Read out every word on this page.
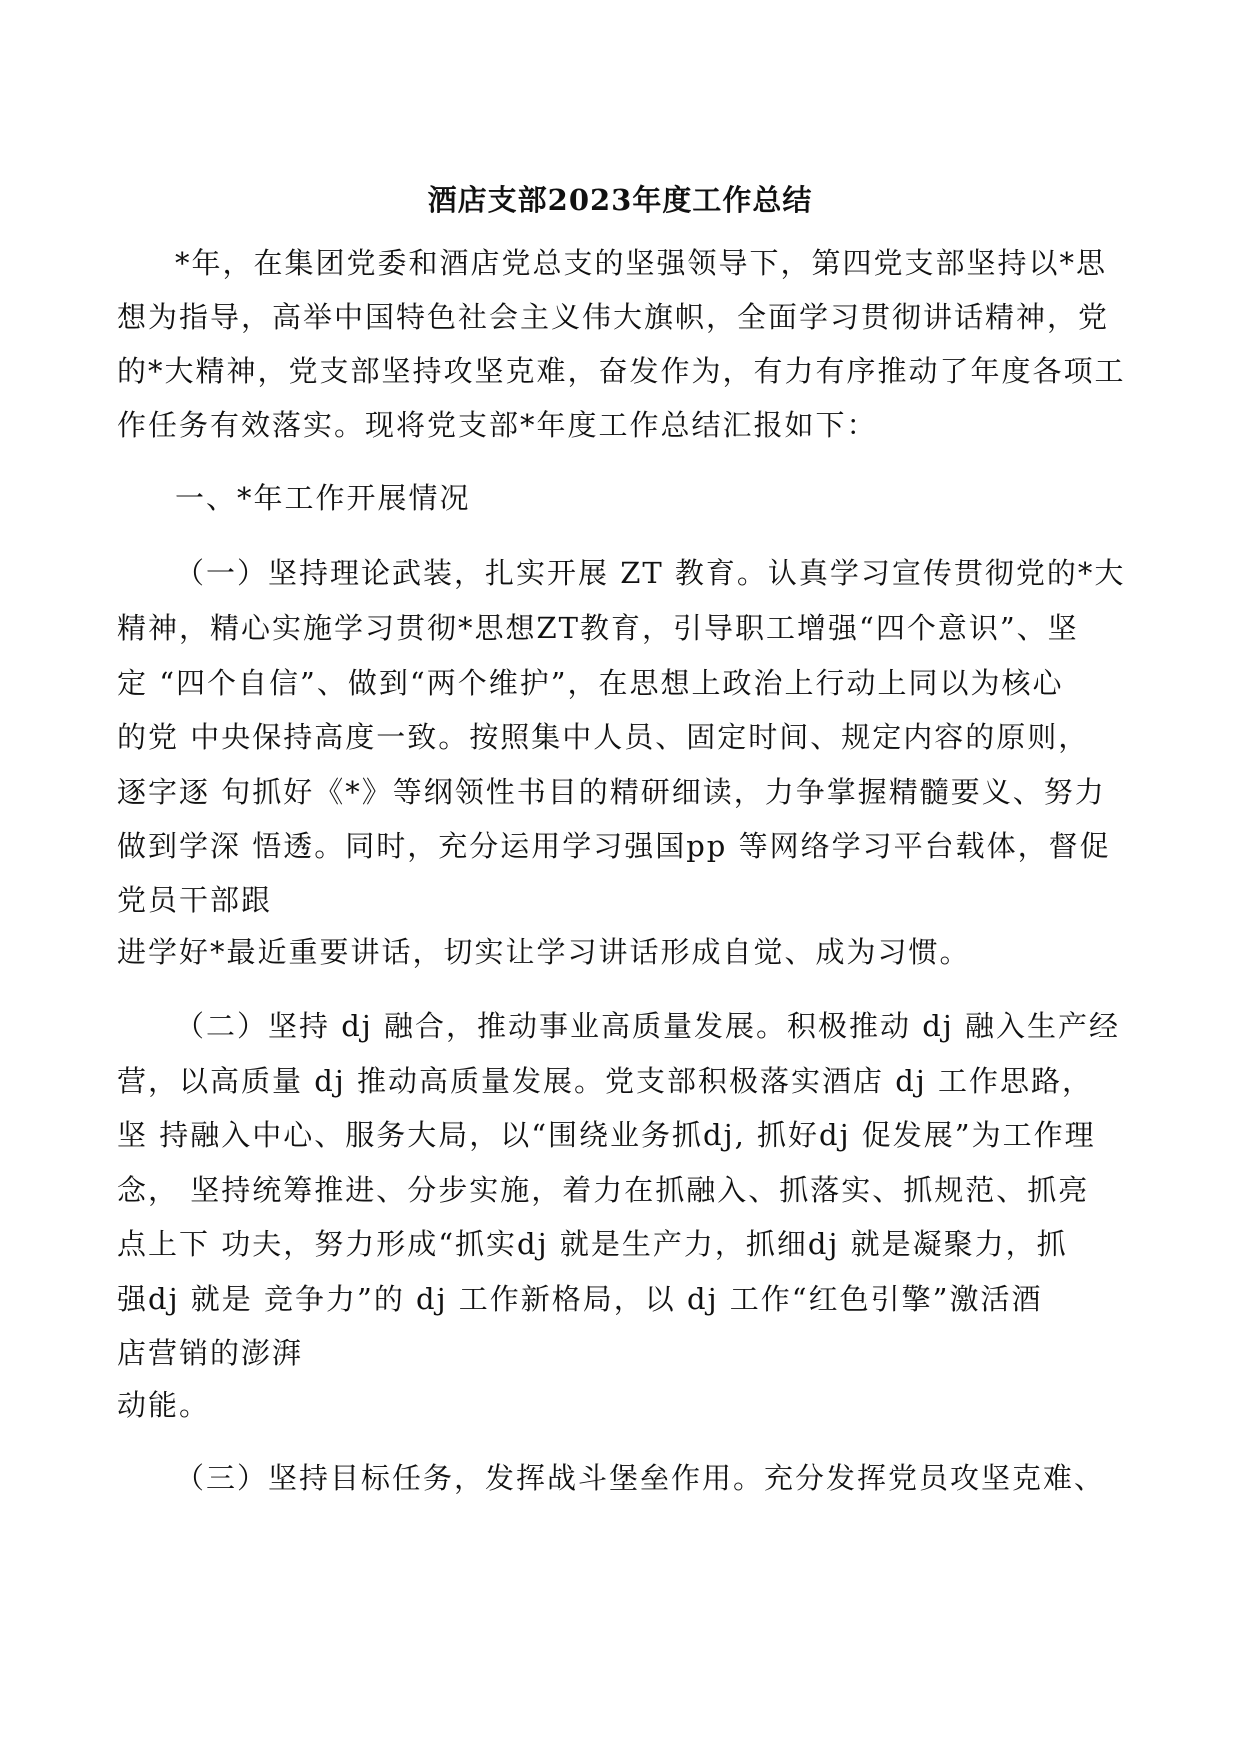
酒店支部2023年度工作总结
*年，在集团党委和酒店党总支的坚强领导下，第四党支部坚持以*思
想为指导，高举中国特色社会主义伟大旗帜，全面学习贯彻讲话精神，党
的*大精神，党支部坚持攻坚克难，奋发作为，有力有序推动了年度各项工
作任务有效落实。现将党支部*年度工作总结汇报如下：
一、*年工作开展情况
（一）坚持理论武装，扎实开展 ZT 教育。认真学习宣传贯彻党的*大
精神，精心实施学习贯彻*思想ZT教育，引导职工增强“四个意识”、坚
定 “四个自信”、做到“两个维护”，在思想上政治上行动上同以为核心
的党 中央保持高度一致。按照集中人员、固定时间、规定内容的原则，
逐字逐 句抓好《*》等纲领性书目的精研细读，力争掌握精髓要义、努力
做到学深 悟透。同时，充分运用学习强国pp 等网络学习平台载体，督促
党员干部跟
进学好*最近重要讲话，切实让学习讲话形成自觉、成为习惯。
（二）坚持 dj 融合，推动事业高质量发展。积极推动 dj 融入生产经
营，以高质量 dj 推动高质量发展。党支部积极落实酒店 dj 工作思路，
坚 持融入中心、服务大局，以“围绕业务抓dj, 抓好dj 促发展”为工作理
念， 坚持统筹推进、分步实施，着力在抓融入、抓落实、抓规范、抓亮
点上下 功夫，努力形成“抓实dj 就是生产力，抓细dj 就是凝聚力，抓
强dj 就是 竞争力”的 dj 工作新格局，以 dj 工作“红色引擎”激活酒
店营销的澎湃
动能。
（三）坚持目标任务，发挥战斗堡垒作用。充分发挥党员攻坚克难、
